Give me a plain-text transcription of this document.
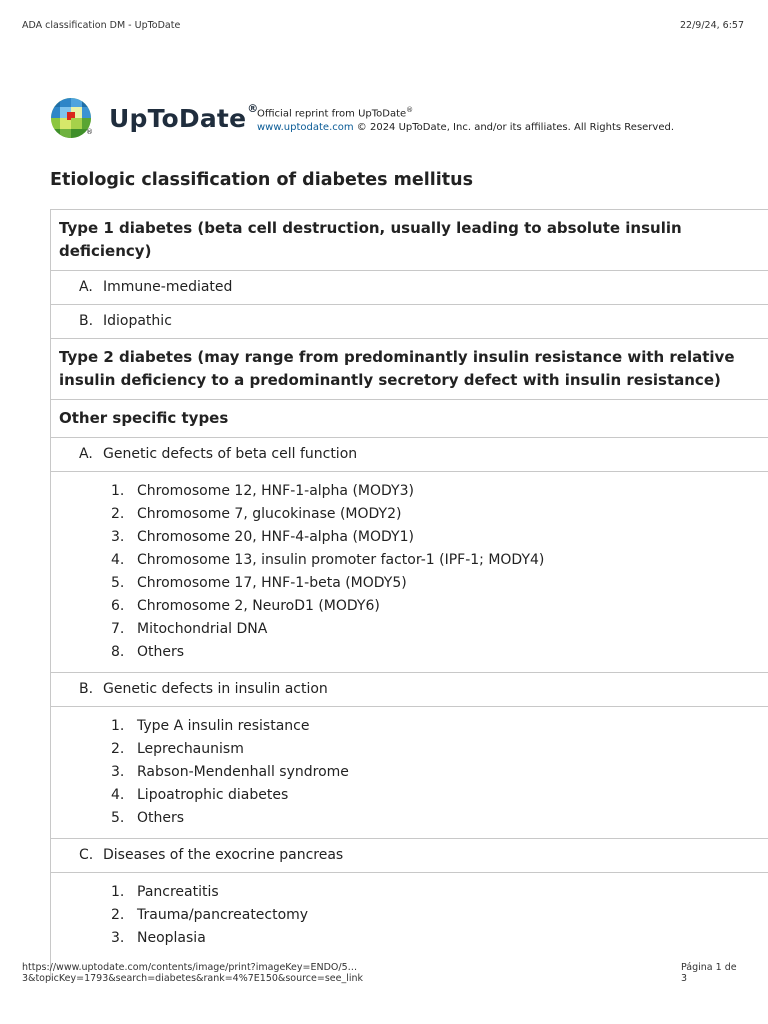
ADA classification DM - UpToDate	22/9/24, 6:57
® UpToDate®
Official reprint from UpToDate®
www.uptodate.com © 2024 UpToDate, Inc. and/or its affiliates. All Rights Reserved.
Etiologic classification of diabetes mellitus
Type 1 diabetes (beta cell destruction, usually leading to absolute insulin deficiency)
A. Immune-mediated
B. Idiopathic
Type 2 diabetes (may range from predominantly insulin resistance with relative insulin deficiency to a predominantly secretory defect with insulin resistance)
Other specific types
A. Genetic defects of beta cell function
1. Chromosome 12, HNF-1-alpha (MODY3)
2. Chromosome 7, glucokinase (MODY2)
3. Chromosome 20, HNF-4-alpha (MODY1)
4. Chromosome 13, insulin promoter factor-1 (IPF-1; MODY4)
5. Chromosome 17, HNF-1-beta (MODY5)
6. Chromosome 2, NeuroD1 (MODY6)
7. Mitochondrial DNA
8. Others
B. Genetic defects in insulin action
1. Type A insulin resistance
2. Leprechaunism
3. Rabson-Mendenhall syndrome
4. Lipoatrophic diabetes
5. Others
C. Diseases of the exocrine pancreas
1. Pancreatitis
2. Trauma/pancreatectomy
3. Neoplasia
https://www.uptodate.com/contents/image/print?imageKey=ENDO/5…3&topicKey=1793&search=diabetes&rank=4%7E150&source=see_link
Página 1 de 3
